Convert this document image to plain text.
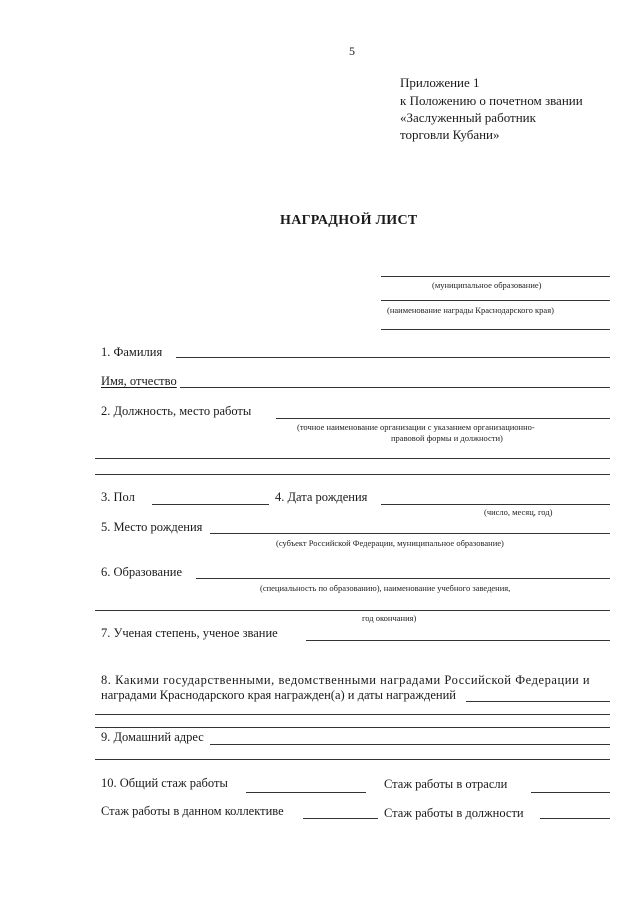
5
Приложение 1
к Положению о почетном звании
«Заслуженный работник
торговли Кубани»
НАГРАДНОЙ ЛИСТ
(муниципальное образование)
(наименование награды Краснодарского края)
1. Фамилия
Имя, отчество
2. Должность, место работы
(точное наименование организации с указанием организационно-
правовой формы и должности)
3. Пол	4. Дата рождения
(число, месяц, год)
5. Место рождения
(субъект Российской Федерации, муниципальное образование)
6. Образование
(специальность по образованию), наименование учебного заведения,
год окончания)
7. Ученая степень, ученое звание
8. Какими государственными, ведомственными наградами Российской Федерации и
наградами Краснодарского края награжден(а) и даты награждений
9. Домашний адрес
10. Общий стаж работы	Стаж работы в отрасли
Стаж работы в данном коллективе	Стаж работы в должности
